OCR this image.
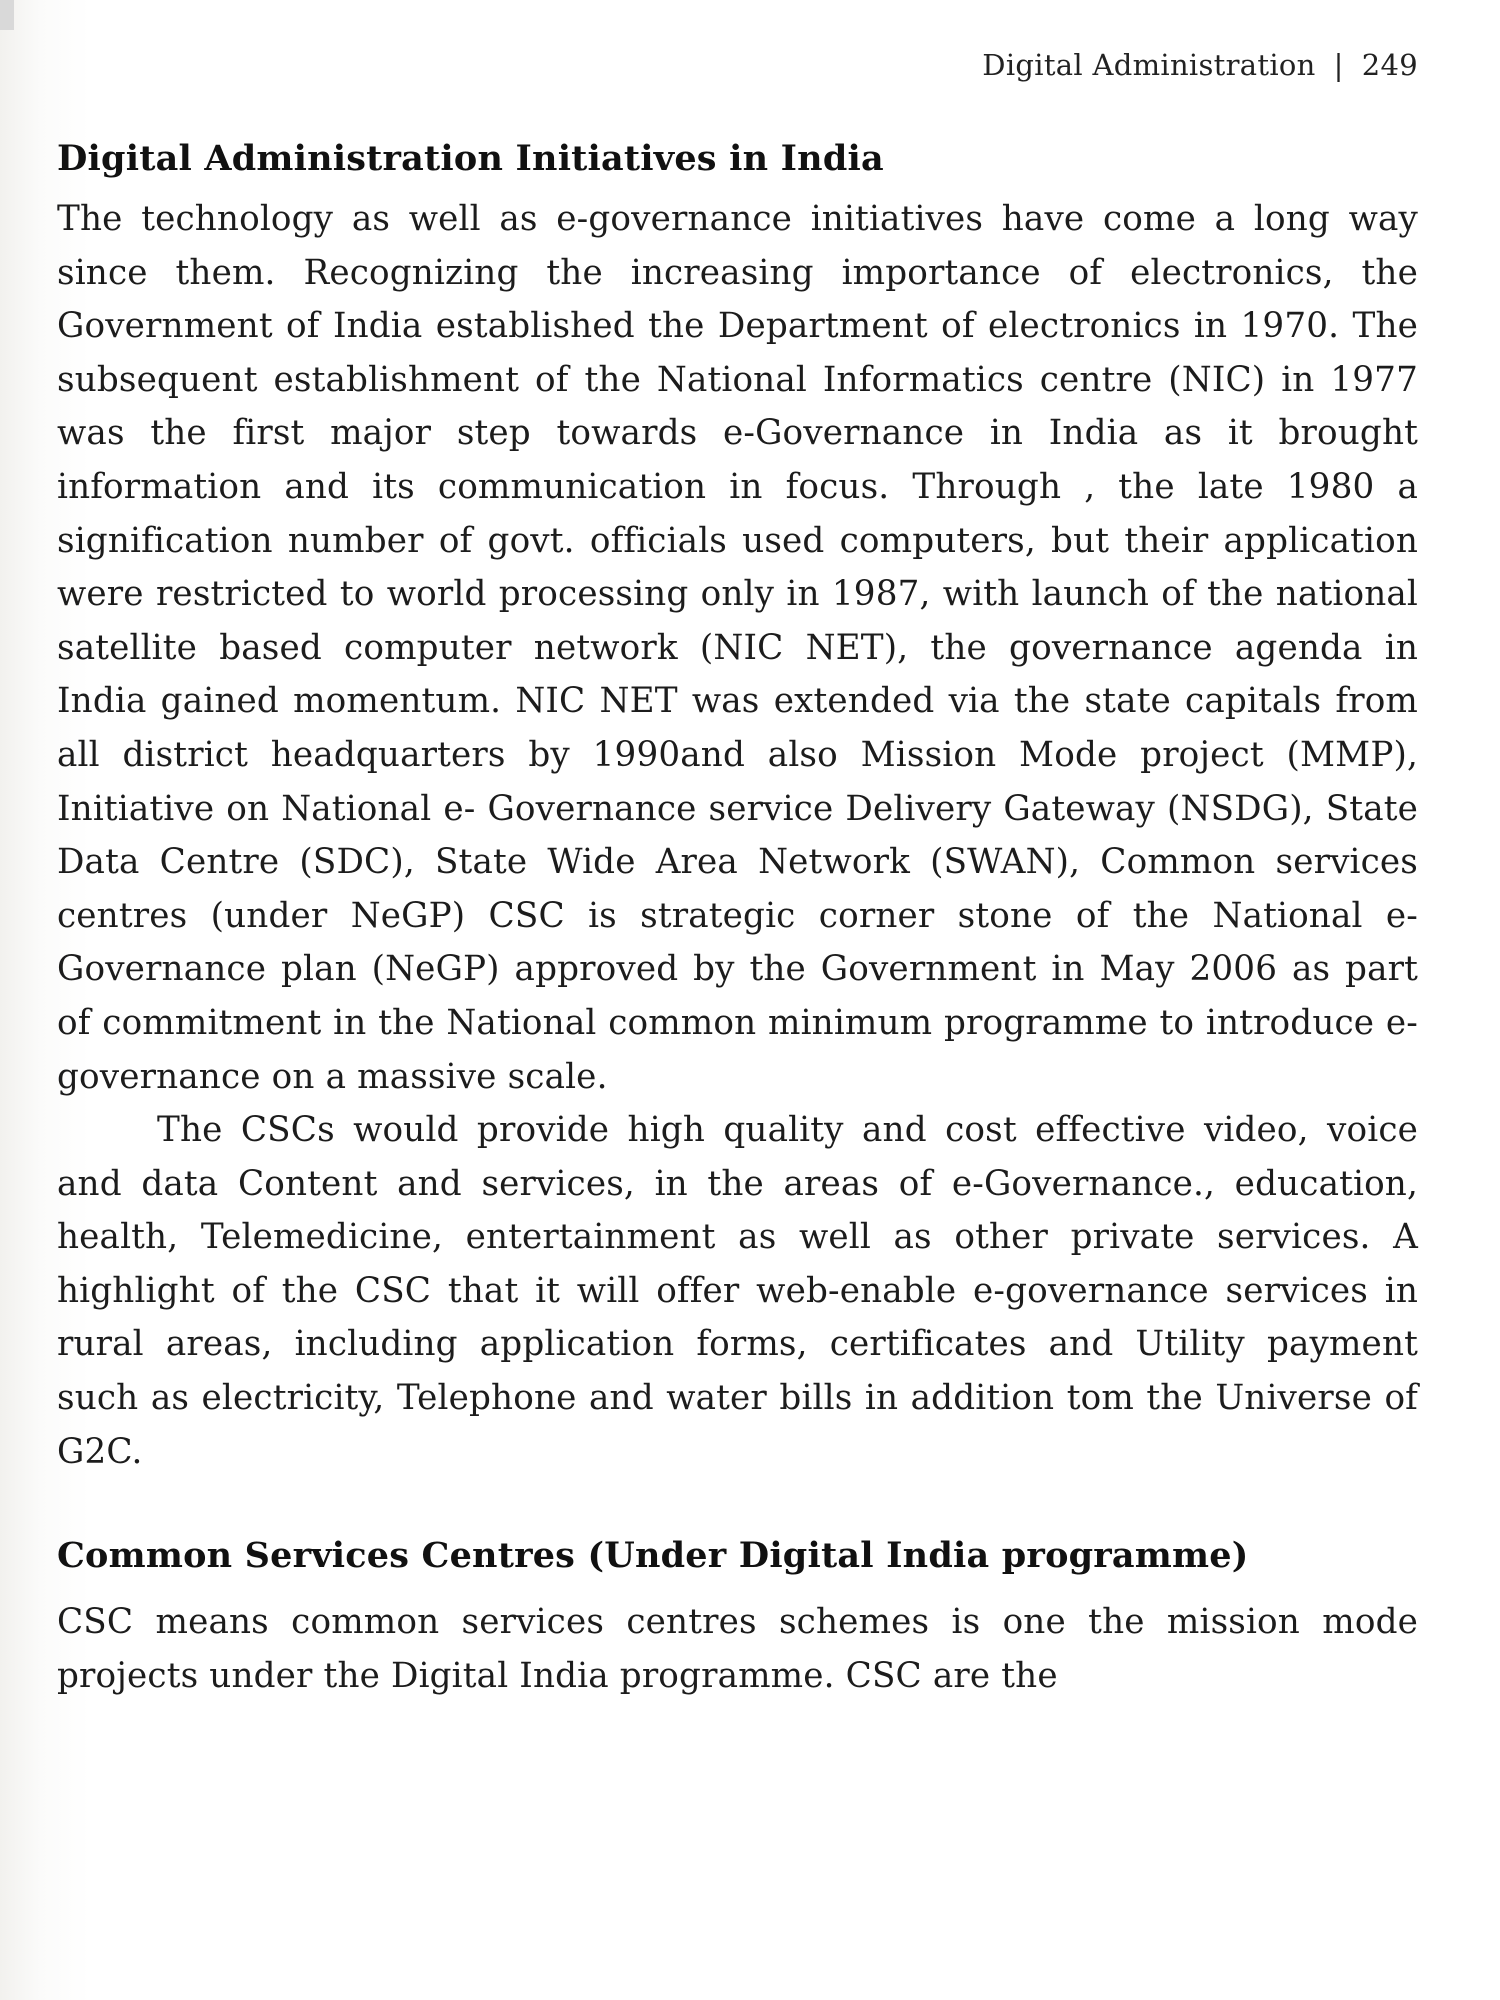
Digital Administration | 249
Digital Administration Initiatives in India

The technology as well as e-governance initiatives have come a long way since them. Recognizing the increasing importance of electronics, the Government of India established the Department of electronics in 1970. The subsequent establishment of the National Informatics centre (NIC) in 1977 was the first major step towards e-Governance in India as it brought information and its communication in focus. Through , the late 1980 a signification number of govt. officials used computers, but their application were restricted to world processing only in 1987, with launch of the national satellite based computer network (NIC NET), the governance agenda in India gained momentum. NIC NET was extended via the state capitals from all district headquarters by 1990and also Mission Mode project (MMP), Initiative on National e- Governance service Delivery Gateway (NSDG), State Data Centre (SDC), State Wide Area Network (SWAN), Common services centres (under NeGP) CSC is strategic corner stone of the National e-Governance plan (NeGP) approved by the Government in May 2006 as part of commitment in the National common minimum programme to introduce e-governance on a massive scale.

The CSCs would provide high quality and cost effective video, voice and data Content and services, in the areas of e-Governance., education, health, Telemedicine, entertainment as well as other private services. A highlight of the CSC that it will offer web-enable e-governance services in rural areas, including application forms, certificates and Utility payment such as electricity, Telephone and water bills in addition tom the Universe of G2C.

Common Services Centres (Under Digital India programme)

CSC means common services centres schemes is one the mission mode projects under the Digital India programme. CSC are the
